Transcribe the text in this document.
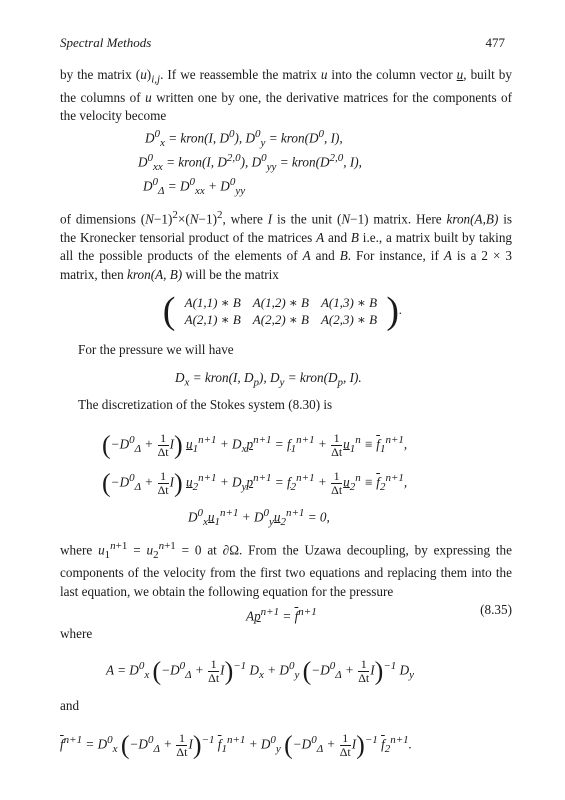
Spectral Methods	477
by the matrix $(u)_{i,j}$. If we reassemble the matrix u into the column vector u, built by the columns of u written one by one, the derivative matrices for the components of the velocity become
$D^0_x$ = kron(I, $D^0$), $D^0_y$ = $kron(D^0$, I),
$D^0_{xx}$ = kron(I, D$^{2,0}$), $D^0_{yy}$ = $kron(D^{2,0}$, I),
$D^0_\Delta = D^0_{xx} + D^0_{yy}$
of dimensions $(N-1)^2\times(N-1)^2$, where I is the unit (N−1) matrix. Here kron(A,B) is the Kronecker tensorial product of the matrices A and B i.e., a matrix built by taking all the possible products of the elements of A and B. For instance, if A is a 2 × 3 matrix, then kron(A, B) will be the matrix
( A(1,1) ∗ B	A(1,2) ∗ B	A(1,3) ∗ B
A(2,1) ∗ B	A(2,2) ∗ B	A(2,3) ∗ B ).
For the pressure we will have
$D_x$ = kron(I, $D_p$), $D_y$ = $kron(D_p$, I).
The discretization of the Stokes system (8.30) is
$(-D^0_\Delta + \frac{1}{\Delta t} I) u_1^{n+1} + D_xp^{n+1} = f_1^{n+1} + \frac{1}{\Delta t} u_1^n \equiv \overline{f}_1^{n+1}$,
$(-D^0_\Delta + \frac{1}{\Delta t} I) u_2^{n+1} + D_yp^{n+1} = f_2^{n+1} + \frac{1}{\Delta t} u_2^n \equiv \overline{f}_2^{n+1}$,
$D^0_xu_1^{n+1} + D^0_yu_2^{n+1} = 0$,
where $u_1^{n+1} = u_2^{n+1} = 0$ at ∂Ω. From the Uzawa decoupling, by expressing the components of the velocity from the first two equations and replacing them into the last equation, we obtain the following equation for the pressure
$Ap^{n+1} = \overline{f}^{n+1}$	(8.35)
where
$A = D^0_x$ $(-D^0_\Delta + \frac{1}{\Delta t} I)^{-1}$ $D_x + D^0_y$ $(-D^0_\Delta + \frac{1}{\Delta t} I)^{-1}$ $D_y$
and
$\overline{f}^{n+1} = D^0_x$ $(-D^0_\Delta + \frac{1}{\Delta t} I)^{-1}$ $\overline{f}_1^{n+1} + D^0_y$ $(-D^0_\Delta + \frac{1}{\Delta t} I)^{-1}$ $\overline{f}_2^{n+1}$.
